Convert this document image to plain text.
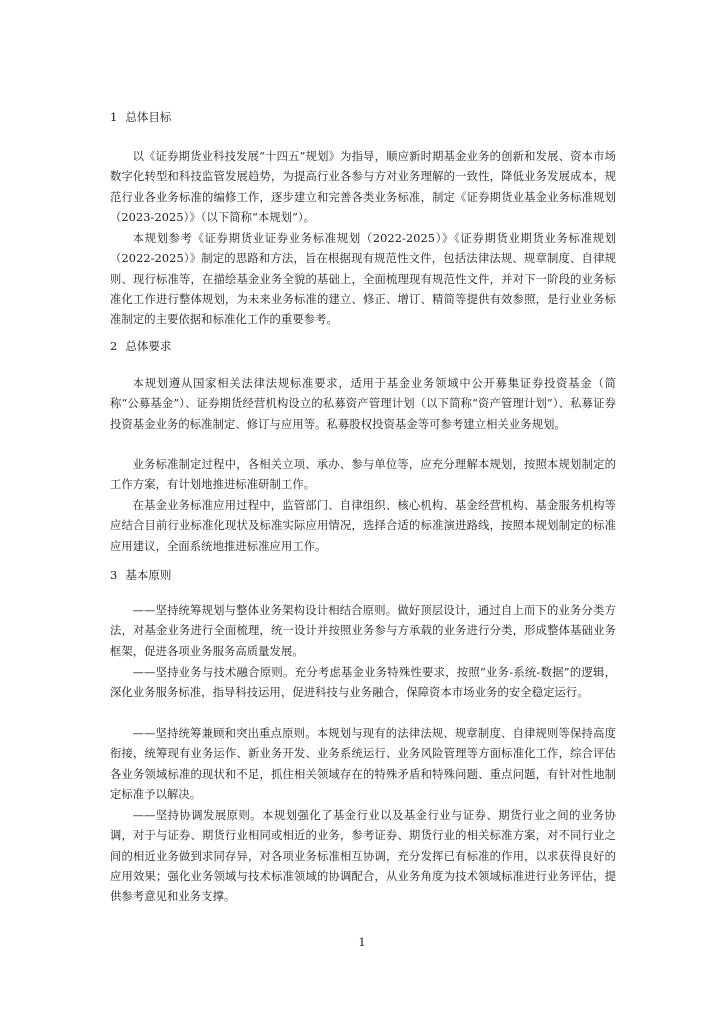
1 总体目标

以《证券期货业科技发展“十四五”规划》为指导，顺应新时期基金业务的创新和发展、资本市场数字化转型和科技监管发展趋势，为提高行业各参与方对业务理解的一致性，降低业务发展成本，规范行业各业务标准的编修工作，逐步建立和完善各类业务标准，制定《证券期货业基金业务标准规划（2023-2025）》（以下简称“本规划”）。

本规划参考《证券期货业证券业务标准规划（2022-2025）》《证券期货业期货业务标准规划（2022-2025）》制定的思路和方法，旨在根据现有规范性文件，包括法律法规、规章制度、自律规则、现行标准等，在描绘基金业务全貌的基础上，全面梳理现有规范性文件，并对下一阶段的业务标准化工作进行整体规划，为未来业务标准的建立、修正、增订、精简等提供有效参照，是行业业务标准制定的主要依据和标准化工作的重要参考。

2 总体要求

本规划遵从国家相关法律法规标准要求，适用于基金业务领域中公开募集证券投资基金（简称“公募基金”）、证券期货经营机构设立的私募资产管理计划（以下简称“资产管理计划”）、私募证券投资基金业务的标准制定、修订与应用等。私募股权投资基金等可参考建立相关业务规划。

业务标准制定过程中，各相关立项、承办、参与单位等，应充分理解本规划，按照本规划制定的工作方案，有计划地推进标准研制工作。

在基金业务标准应用过程中，监管部门、自律组织、核心机构、基金经营机构、基金服务机构等应结合目前行业标准化现状及标准实际应用情况，选择合适的标准演进路线，按照本规划制定的标准应用建议，全面系统地推进标准应用工作。

3 基本原则

——坚持统筹规划与整体业务架构设计相结合原则。做好顶层设计，通过自上而下的业务分类方法，对基金业务进行全面梳理，统一设计并按照业务参与方承载的业务进行分类，形成整体基础业务框架，促进各项业务服务高质量发展。

——坚持业务与技术融合原则。充分考虑基金业务特殊性要求，按照“业务-系统-数据”的逻辑，深化业务服务标准，指导科技运用，促进科技与业务融合，保障资本市场业务的安全稳定运行。

——坚持统筹兼顾和突出重点原则。本规划与现有的法律法规、规章制度、自律规则等保持高度衔接，统筹现有业务运作、新业务开发、业务系统运行、业务风险管理等方面标准化工作，综合评估各业务领域标准的现状和不足，抓住相关领域存在的特殊矛盾和特殊问题、重点问题，有针对性地制定标准予以解决。

——坚持协调发展原则。本规划强化了基金行业以及基金行业与证券、期货行业之间的业务协调，对于与证券、期货行业相同或相近的业务，参考证券、期货行业的相关标准方案，对不同行业之间的相近业务做到求同存异，对各项业务标准相互协调，充分发挥已有标准的作用，以求获得良好的应用效果；强化业务领域与技术标准领域的协调配合，从业务角度为技术领域标准进行业务评估，提供参考意见和业务支撑。

1
